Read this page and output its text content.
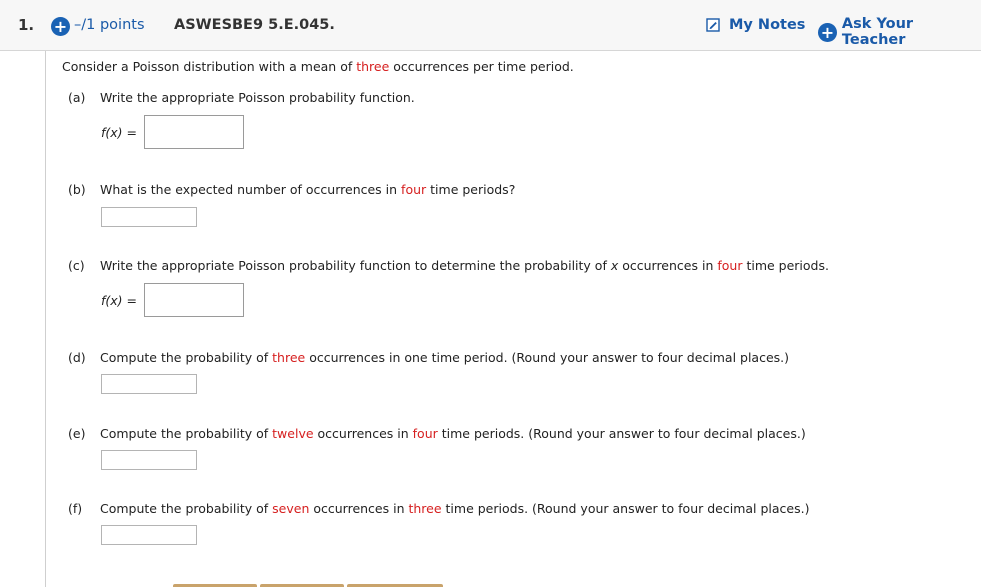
1. + –/1 points ASWESBE9 5.E.045.	My Notes + Ask Your Teacher
Consider a Poisson distribution with a mean of three occurrences per time period.
(a) Write the appropriate Poisson probability function.
f(x) =
(b) What is the expected number of occurrences in four time periods?
(c) Write the appropriate Poisson probability function to determine the probability of x occurrences in four time periods.
f(x) =
(d) Compute the probability of three occurrences in one time period. (Round your answer to four decimal places.)
(e) Compute the probability of twelve occurrences in four time periods. (Round your answer to four decimal places.)
(f) Compute the probability of seven occurrences in three time periods. (Round your answer to four decimal places.)
